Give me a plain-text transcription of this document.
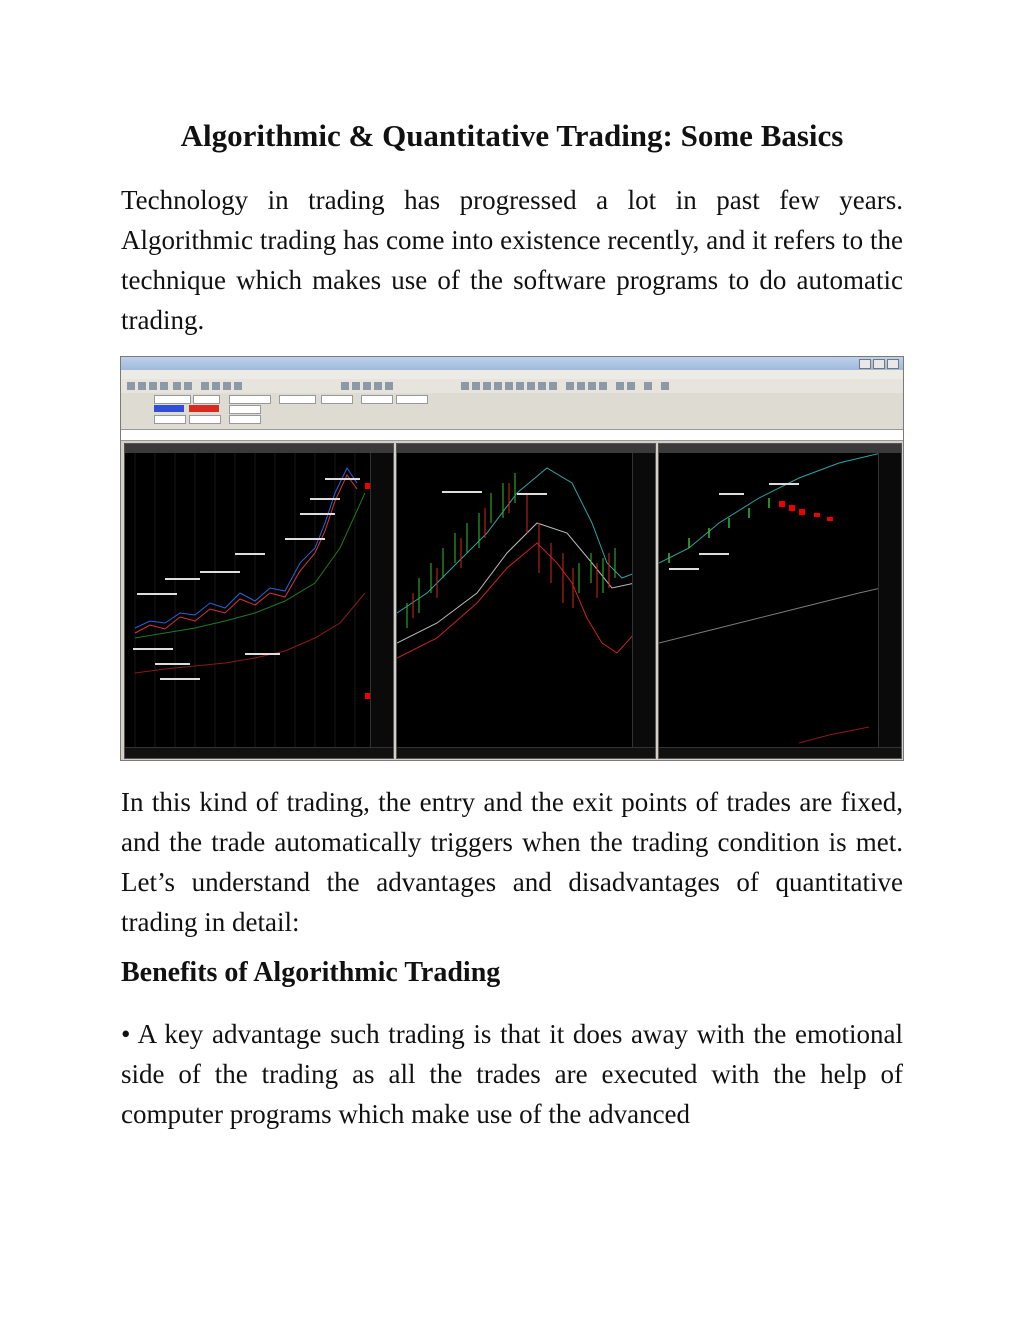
Algorithmic & Quantitative Trading: Some Basics

Technology in trading has progressed a lot in past few years. Algorithmic trading has come into existence recently, and it refers to the technique which makes use of the software programs to do automatic trading.

In this kind of trading, the entry and the exit points of trades are fixed, and the trade automatically triggers when the trading condition is met. Let’s understand the advantages and disadvantages of quantitative trading in detail:

Benefits of Algorithmic Trading

• A key advantage such trading is that it does away with the emotional side of the trading as all the trades are executed with the help of computer programs which make use of the advanced
